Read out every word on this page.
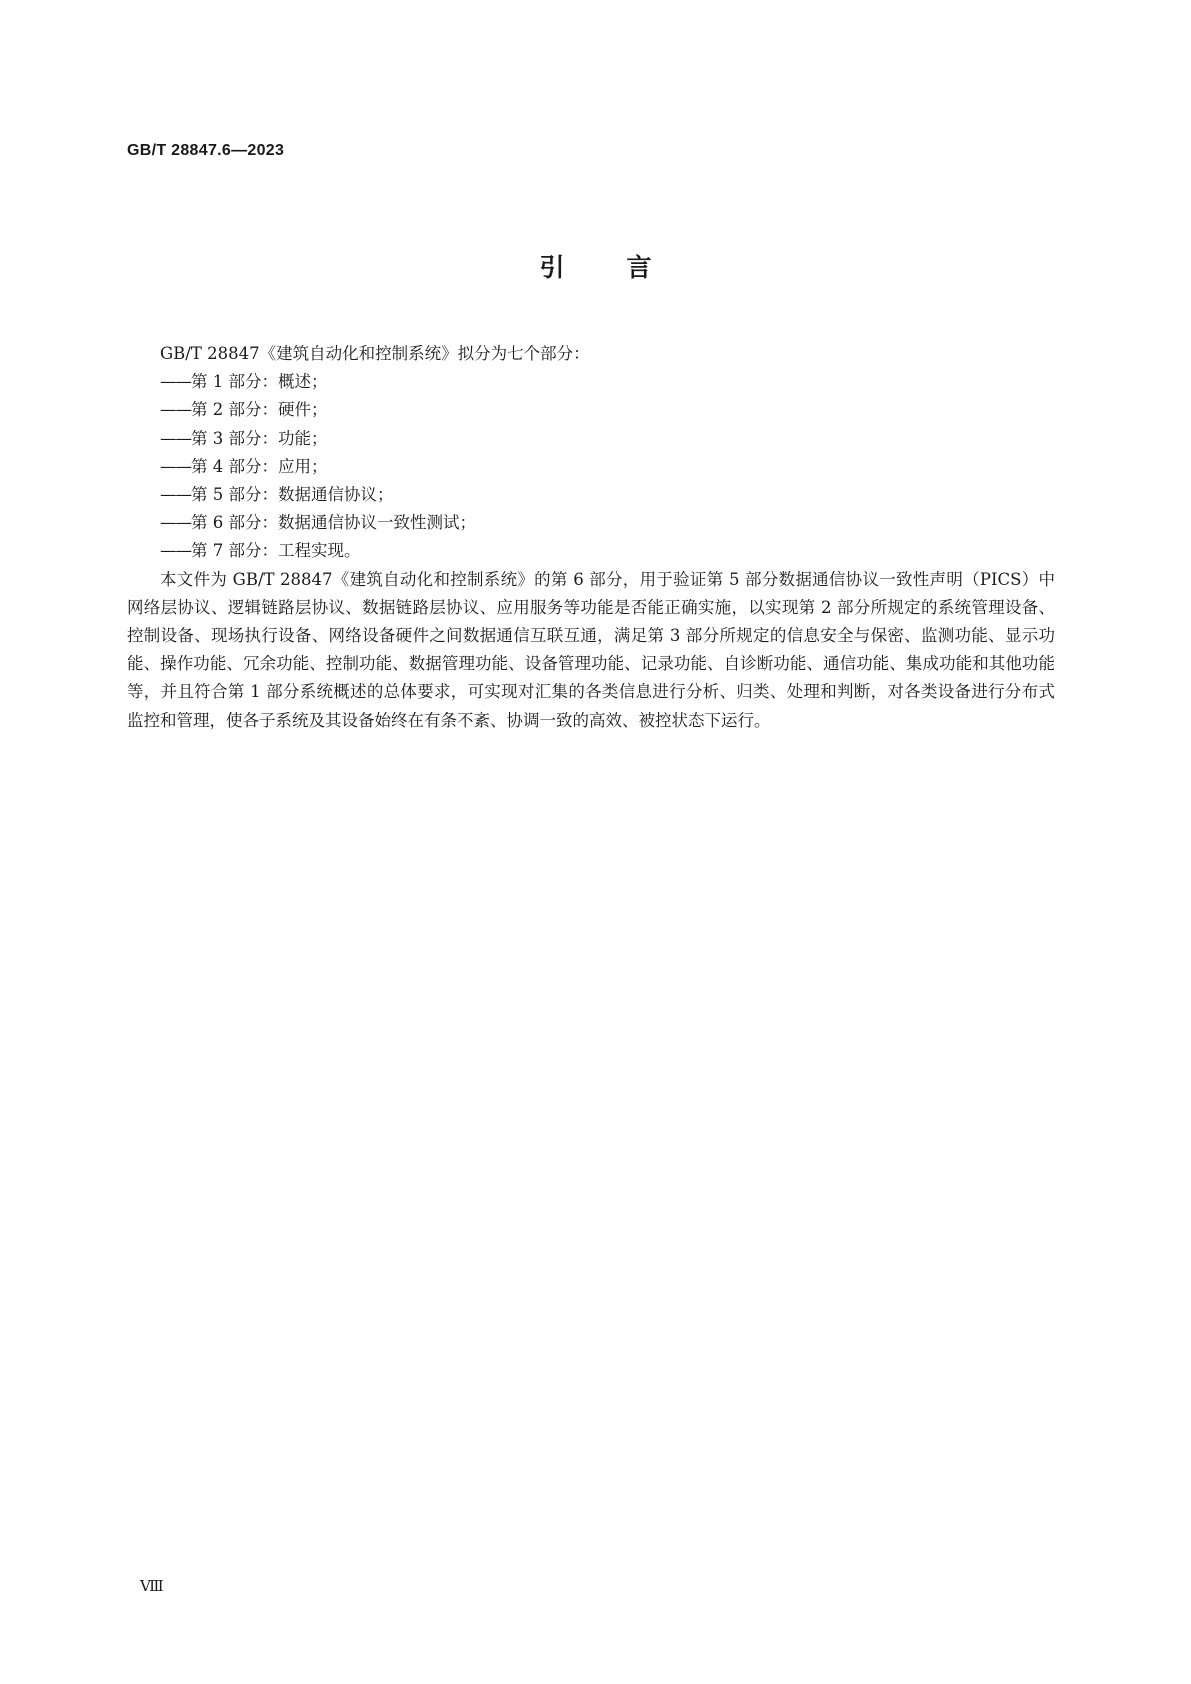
GB/T 28847.6—2023
引言

GB/T 28847《建筑自动化和控制系统》拟分为七个部分：

——第 1 部分：概述；
——第 2 部分：硬件；
——第 3 部分：功能；
——第 4 部分：应用；
——第 5 部分：数据通信协议；
——第 6 部分：数据通信协议一致性测试；
——第 7 部分：工程实现。

本文件为 GB/T 28847《建筑自动化和控制系统》的第 6 部分，用于验证第 5 部分数据通信协议一致性声明（PICS）中网络层协议、逻辑链路层协议、数据链路层协议、应用服务等功能是否能正确实施，以实现第 2 部分所规定的系统管理设备、控制设备、现场执行设备、网络设备硬件之间数据通信互联互通，满足第 3 部分所规定的信息安全与保密、监测功能、显示功能、操作功能、冗余功能、控制功能、数据管理功能、设备管理功能、记录功能、自诊断功能、通信功能、集成功能和其他功能等，并且符合第 1 部分系统概述的总体要求，可实现对汇集的各类信息进行分析、归类、处理和判断，对各类设备进行分布式监控和管理，使各子系统及其设备始终在有条不紊、协调一致的高效、被控状态下运行。

Ⅷ
